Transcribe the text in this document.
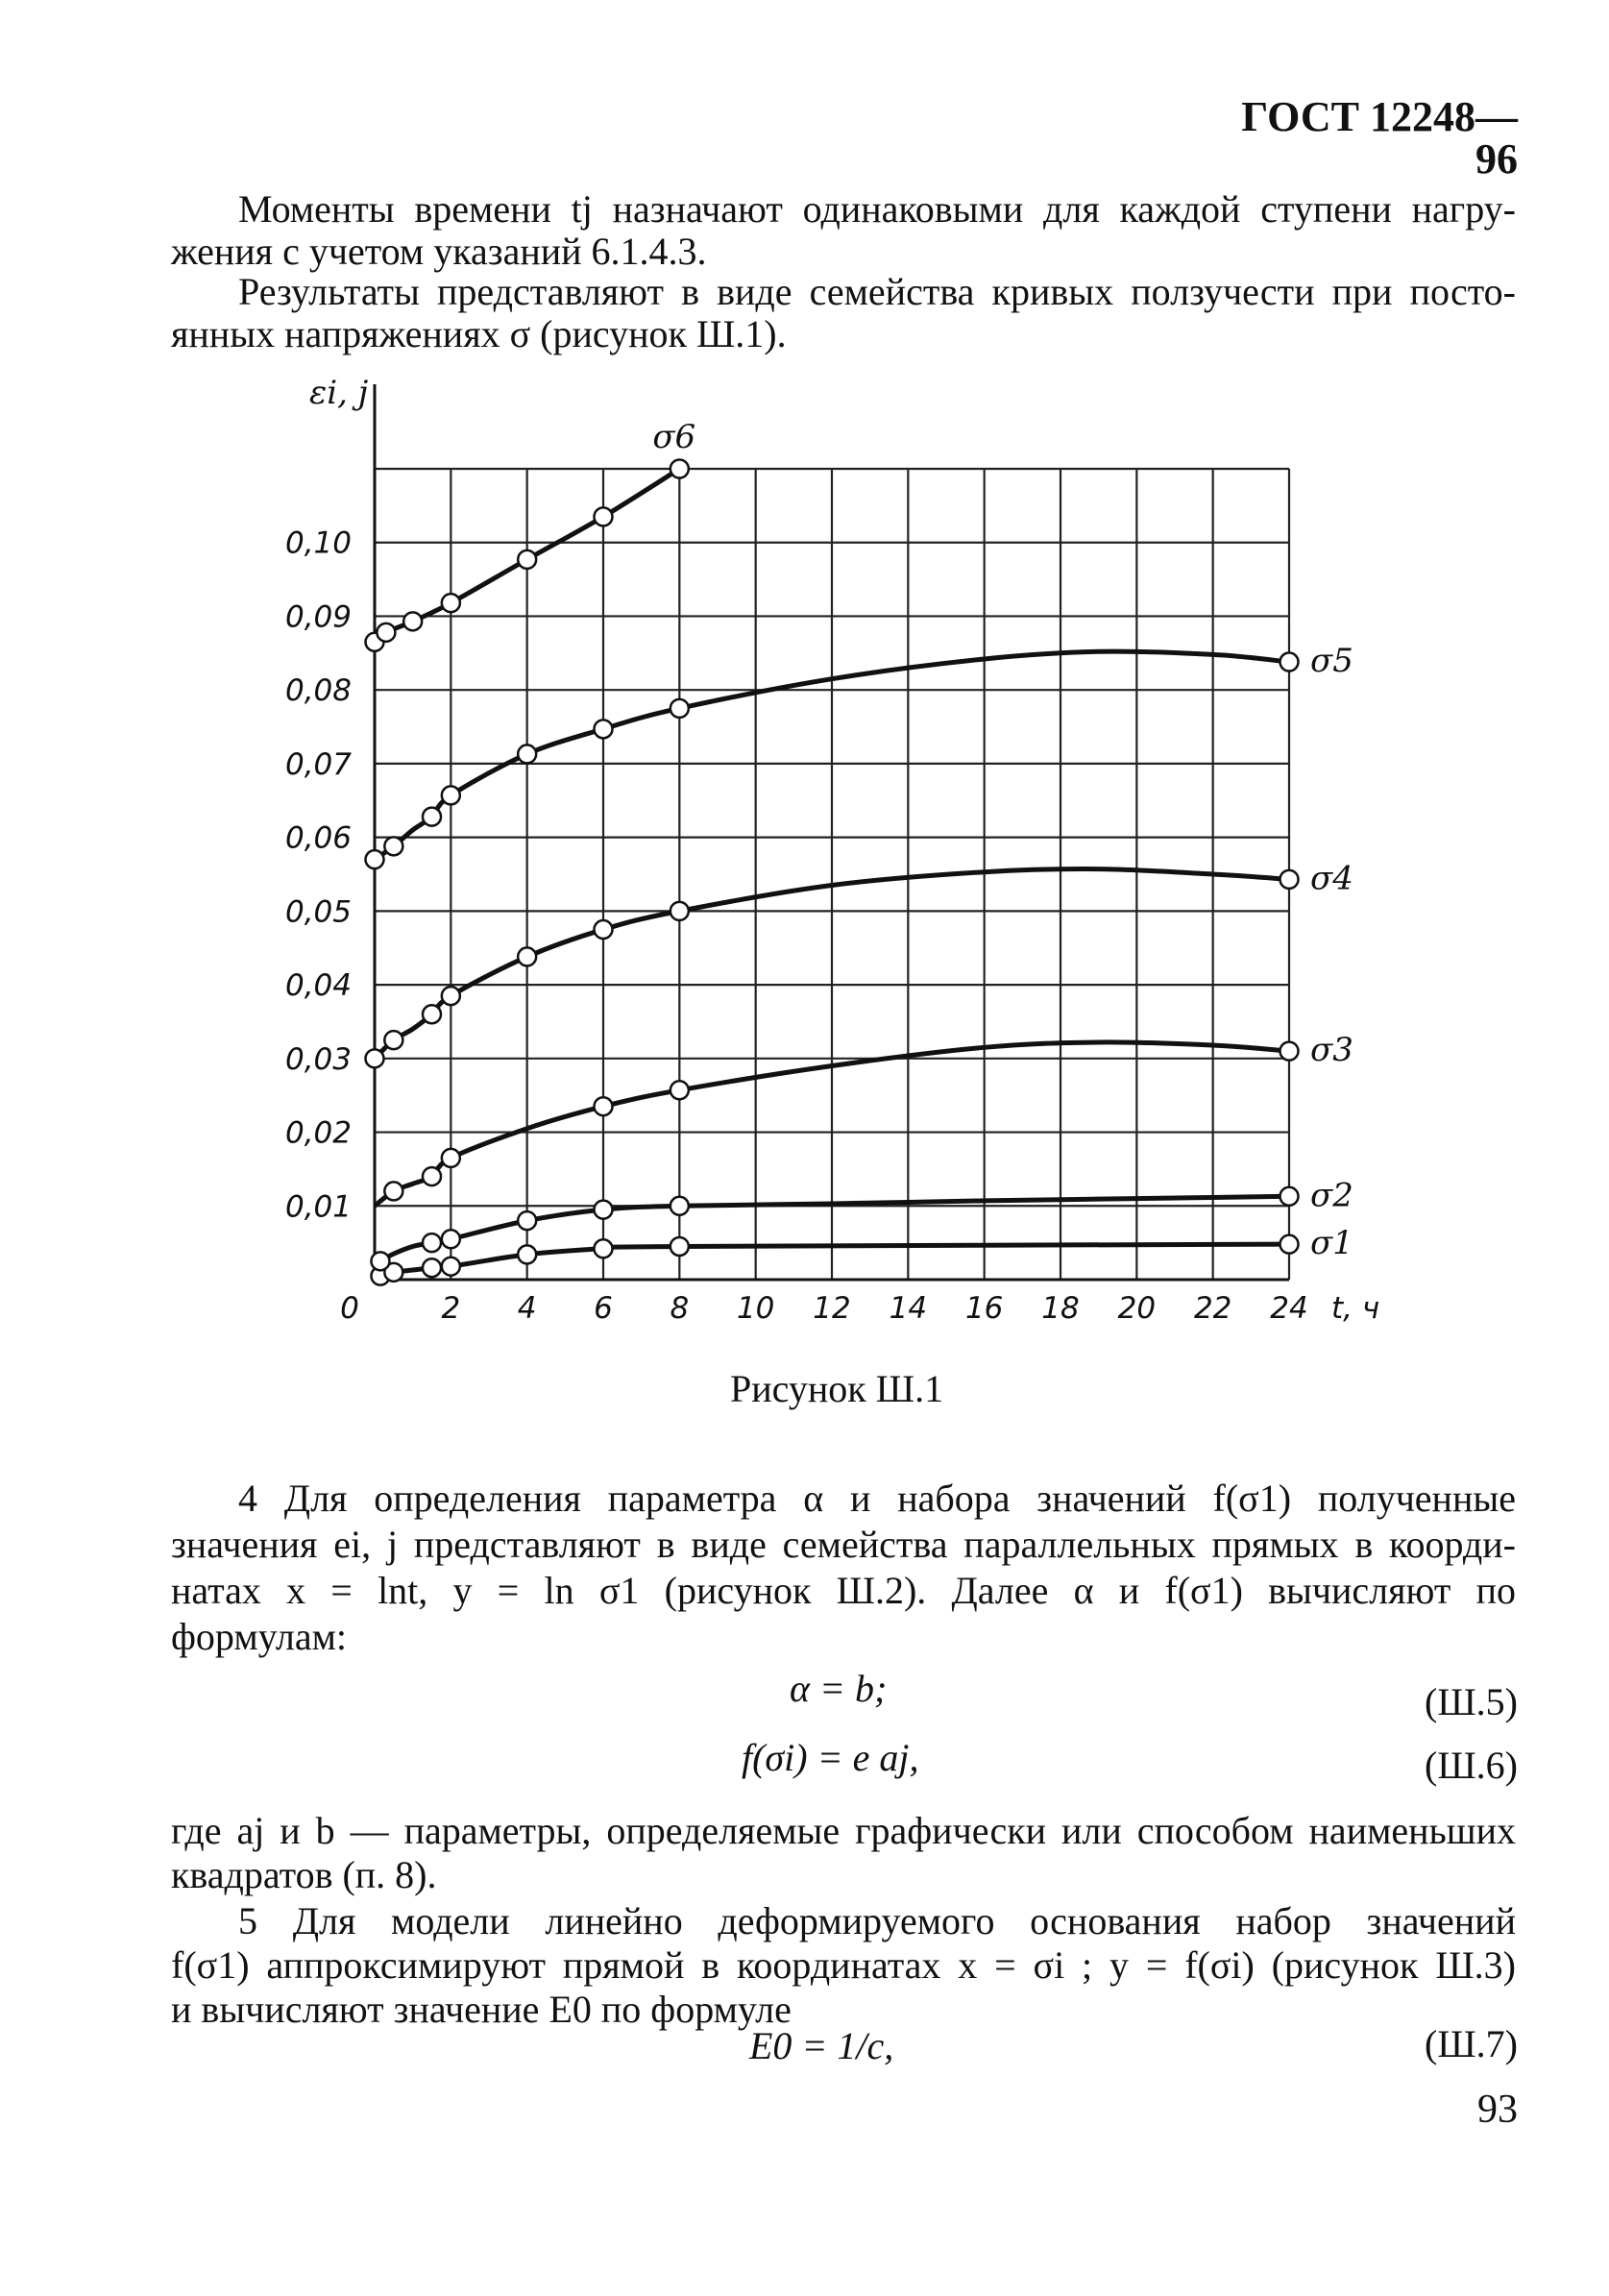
ГОСТ 12248—96
Моменты времени tj назначают одинаковыми для каждой ступени нагру-
жения с учетом указаний 6.1.4.3.
Результаты представляют в виде семейства кривых ползучести при посто-
янных напряжениях σ (рисунок Ш.1).
0	2 4 6 8 10 12 14 16 18 20 22 24
0,01
0,02
0,03
0,04
0,05
0,06
0,07
0,08
0,09
0,10
εi, j
t, ч
σ1
σ2
σ3
σ4
σ5
σ6
Рисунок Ш.1
4 Для определения параметра α и набора значений f(σ1) полученные
значения ei, j представляют в виде семейства параллельных прямых в коорди-
натах x = lnt, y = ln σ1 (рисунок Ш.2). Далее α и f(σ1) вычисляют по
формулам:
α = b;	(Ш.5)
f(σi) = e aj,	(Ш.6)
где aj и b — параметры, определяемые графически или способом наименьших
квадратов (п. 8).
5 Для модели линейно деформируемого основания набор значений
f(σ1) аппроксимируют прямой в координатах x = σi ; y = f(σi) (рисунок Ш.3)
и вычисляют значение E0 по формуле
E0 = 1/c,	(Ш.7)
93
